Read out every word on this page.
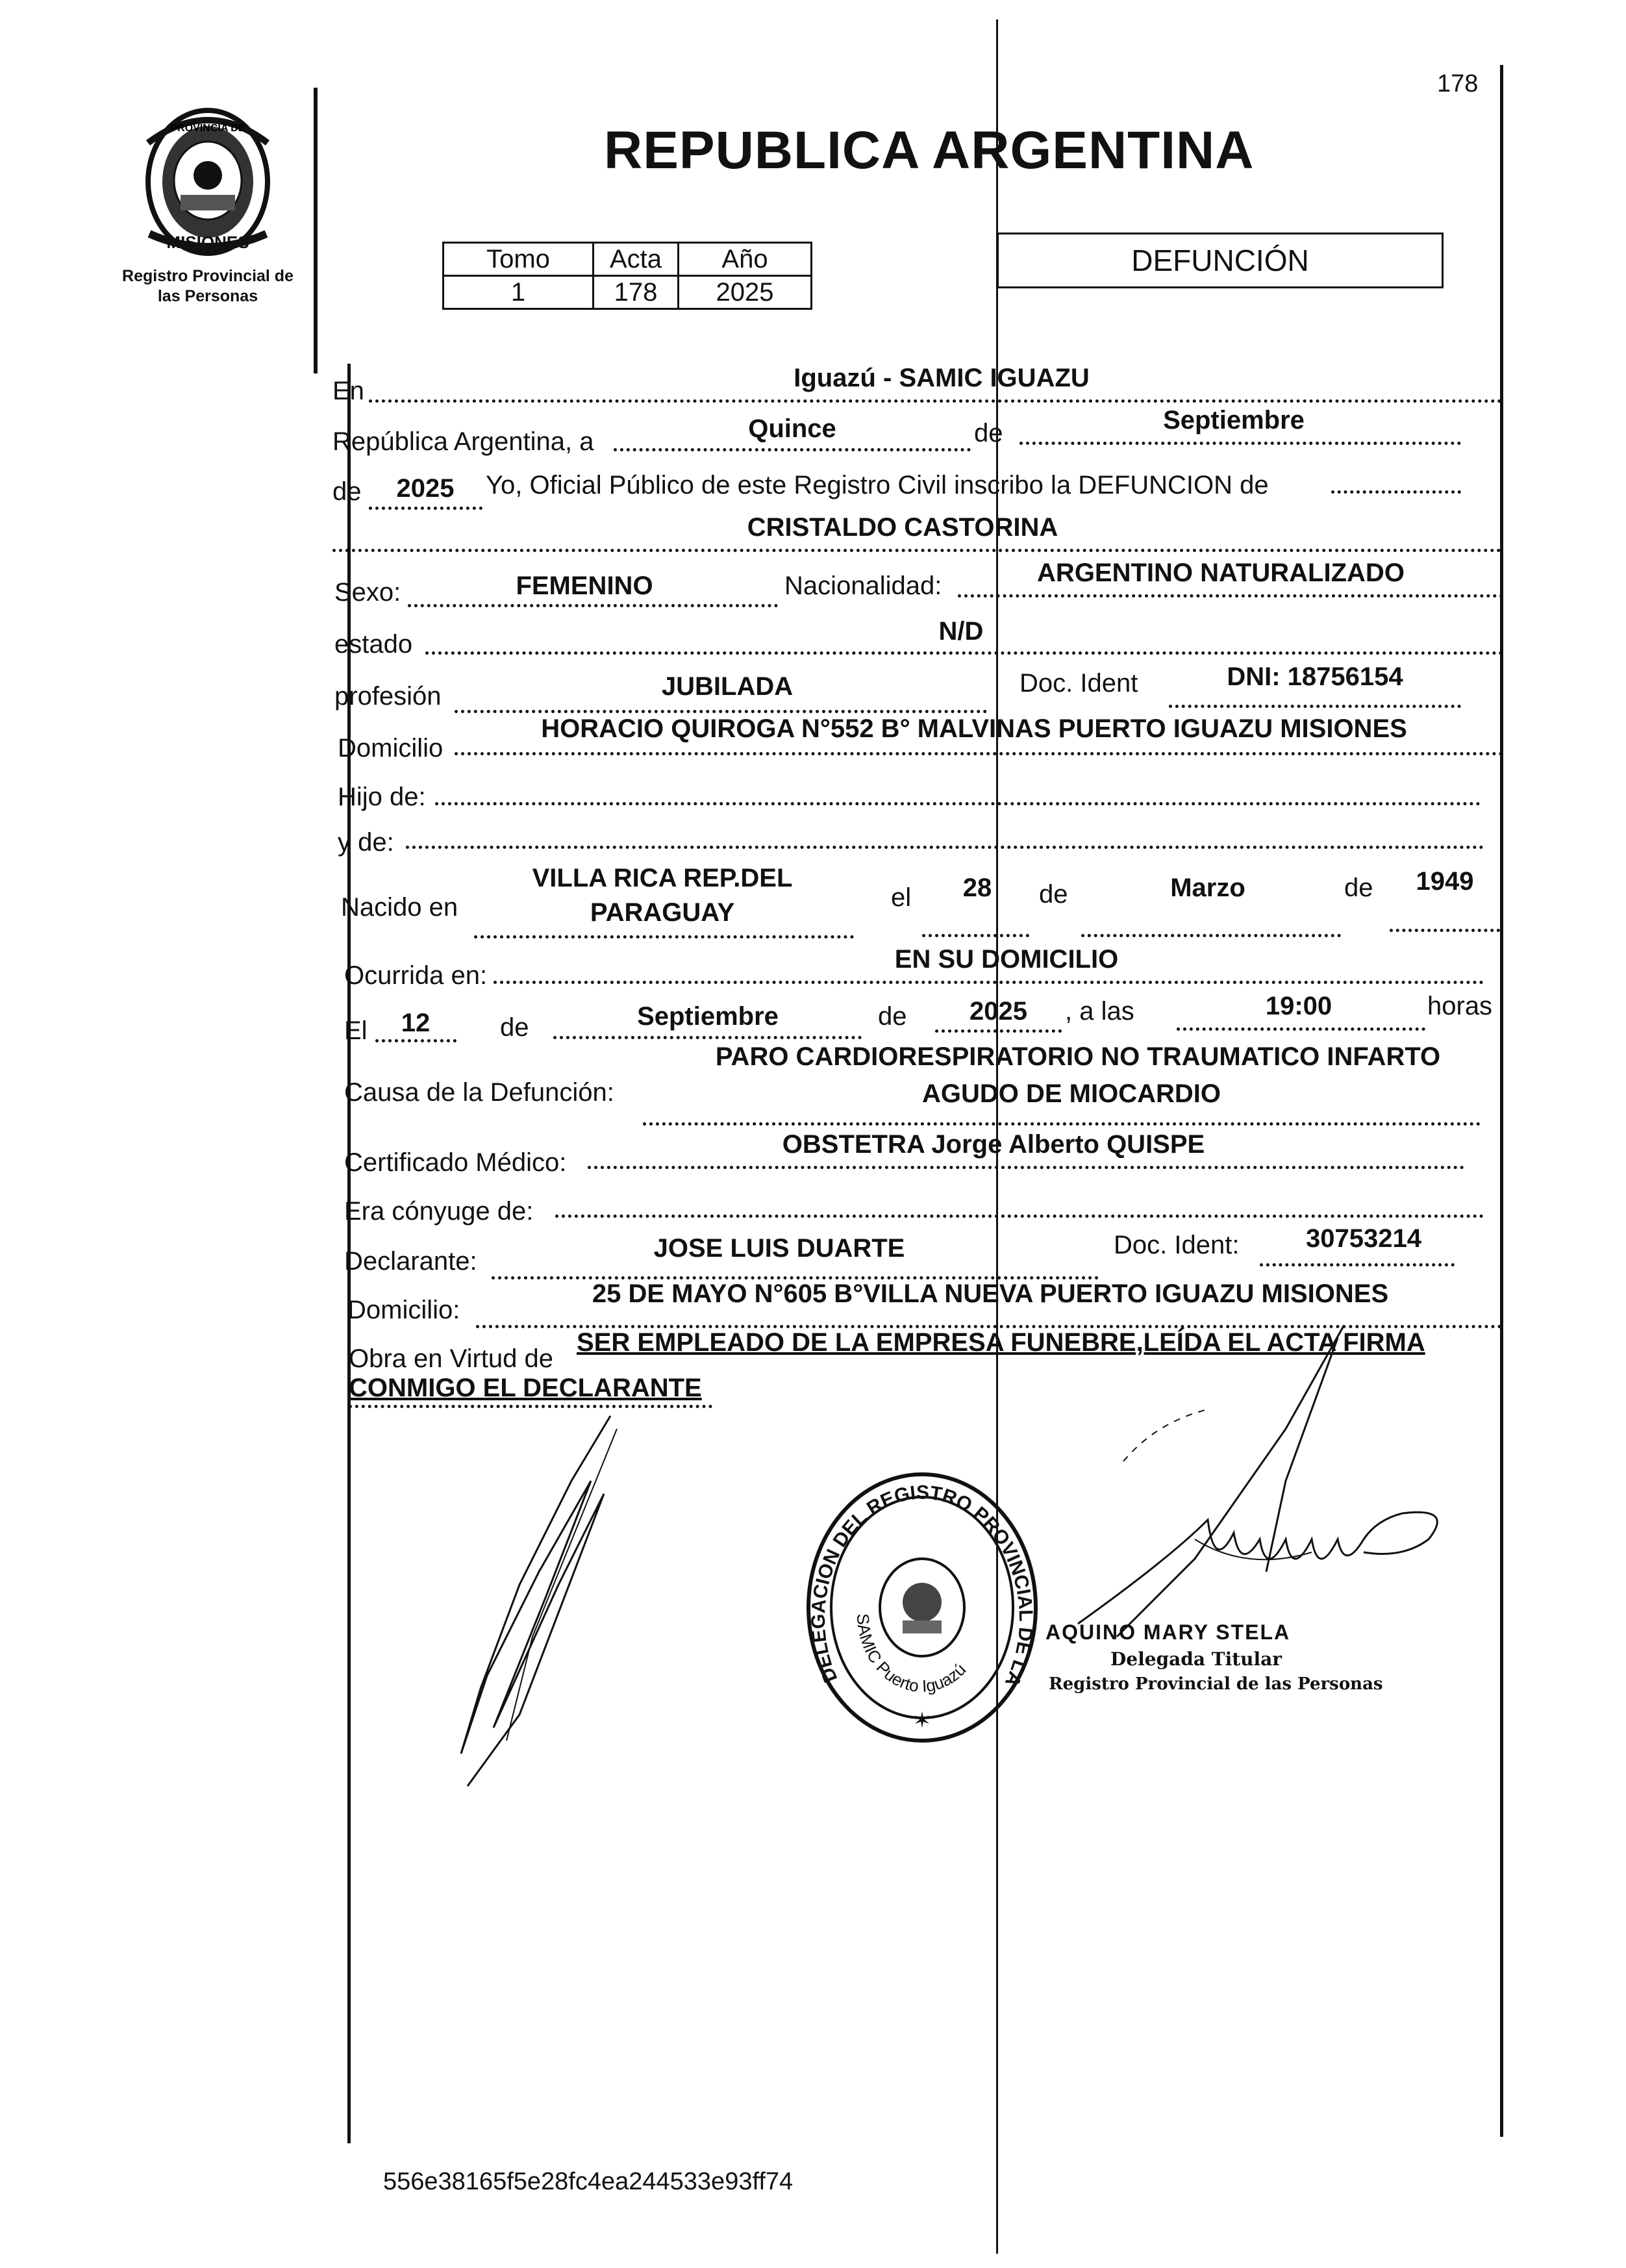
178
PROVINCIA DE
MISIONES
Registro Provincial de
las Personas
REPUBLICA ARGENTINA
Tomo	Acta	Año
1	178	2025
DEFUNCIÓN
En	Iguazú - SAMIC IGUAZU
República Argentina, a	Quince	de	Septiembre
de	2025	Yo, Oficial Público de este Registro Civil inscribo la DEFUNCION de
CRISTALDO CASTORINA
Sexo:	FEMENINO	Nacionalidad:	ARGENTINO NATURALIZADO
estado	N/D
profesión	JUBILADA	Doc. Ident	DNI: 18756154
Domicilio
HORACIO QUIROGA N°552 B° MALVINAS PUERTO IGUAZU MISIONES
Hijo de:
y de:
Nacido en
VILLA RICA REP.DEL
PARAGUAY
el	28	de	Marzo	de	1949
Ocurrida en:
EN SU DOMICILIO
El	12	de	Septiembre	de	2025	, a las	19:00	horas
Causa de la Defunción:
PARO CARDIORESPIRATORIO NO TRAUMATICO INFARTO
AGUDO DE MIOCARDIO
Certificado Médico:
OBSTETRA Jorge Alberto QUISPE
Era cónyuge de:
Declarante:	JOSE LUIS DUARTE	Doc. Ident:	30753214
Domicilio:
25 DE MAYO N°605 B°VILLA NUEVA PUERTO IGUAZU MISIONES
Obra en Virtud de
SER EMPLEADO DE LA EMPRESA FUNEBRE,LEÍDA EL ACTA FIRMA
CONMIGO EL DECLARANTE
DELEGACION DEL REGISTRO PROVINCIAL DE LA
SAMIC Puerto Iguazú
✶
AQUINO MARY STELA
Delegada Titular
Registro Provincial de las Personas
556e38165f5e28fc4ea244533e93ff74
